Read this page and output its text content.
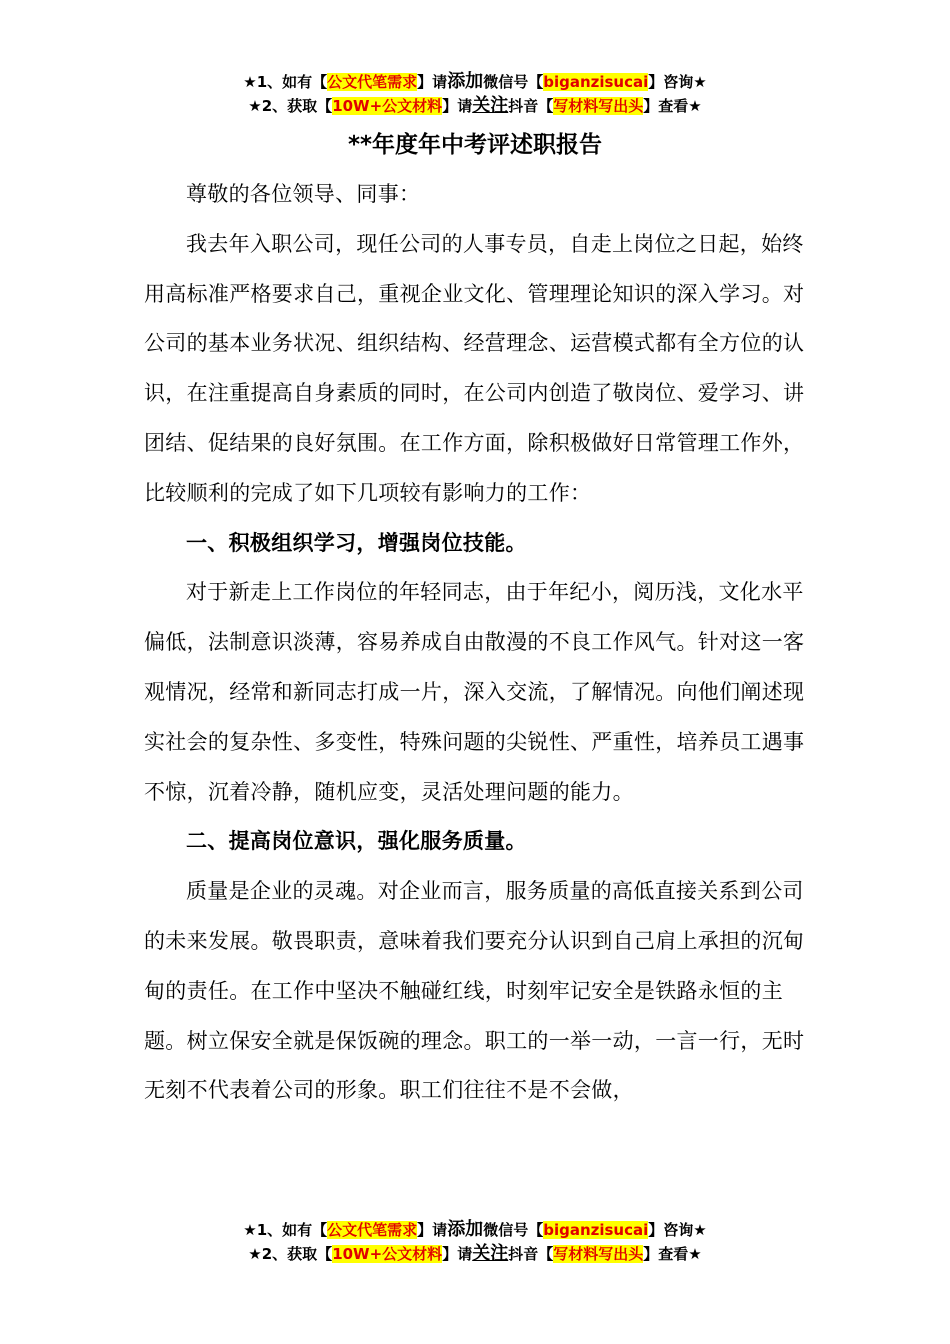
★1、如有【公文代笔需求】请添加微信号【biganzisucai】咨询★
★2、获取【10W+公文材料】请关注抖音【写材料写出头】查看★
**年度年中考评述职报告

尊敬的各位领导、同事：

我去年入职公司，现任公司的人事专员，自走上岗位之日起，始终用高标准严格要求自己，重视企业文化、管理理论知识的深入学习。对公司的基本业务状况、组织结构、经营理念、运营模式都有全方位的认识，在注重提高自身素质的同时，在公司内创造了敬岗位、爱学习、讲团结、促结果的良好氛围。在工作方面，除积极做好日常管理工作外，比较顺利的完成了如下几项较有影响力的工作：

一、积极组织学习，增强岗位技能。

对于新走上工作岗位的年轻同志，由于年纪小，阅历浅，文化水平偏低，法制意识淡薄，容易养成自由散漫的不良工作风气。针对这一客观情况，经常和新同志打成一片，深入交流，了解情况。向他们阐述现实社会的复杂性、多变性，特殊问题的尖锐性、严重性，培养员工遇事不惊，沉着冷静，随机应变，灵活处理问题的能力。

二、提高岗位意识，强化服务质量。

质量是企业的灵魂。对企业而言，服务质量的高低直接关系到公司的未来发展。敬畏职责，意味着我们要充分认识到自己肩上承担的沉甸甸的责任。在工作中坚决不触碰红线，时刻牢记安全是铁路永恒的主题。树立保安全就是保饭碗的理念。职工的一举一动，一言一行，无时无刻不代表着公司的形象。职工们往往不是不会做，

★1、如有【公文代笔需求】请添加微信号【biganzisucai】咨询★
★2、获取【10W+公文材料】请关注抖音【写材料写出头】查看★
